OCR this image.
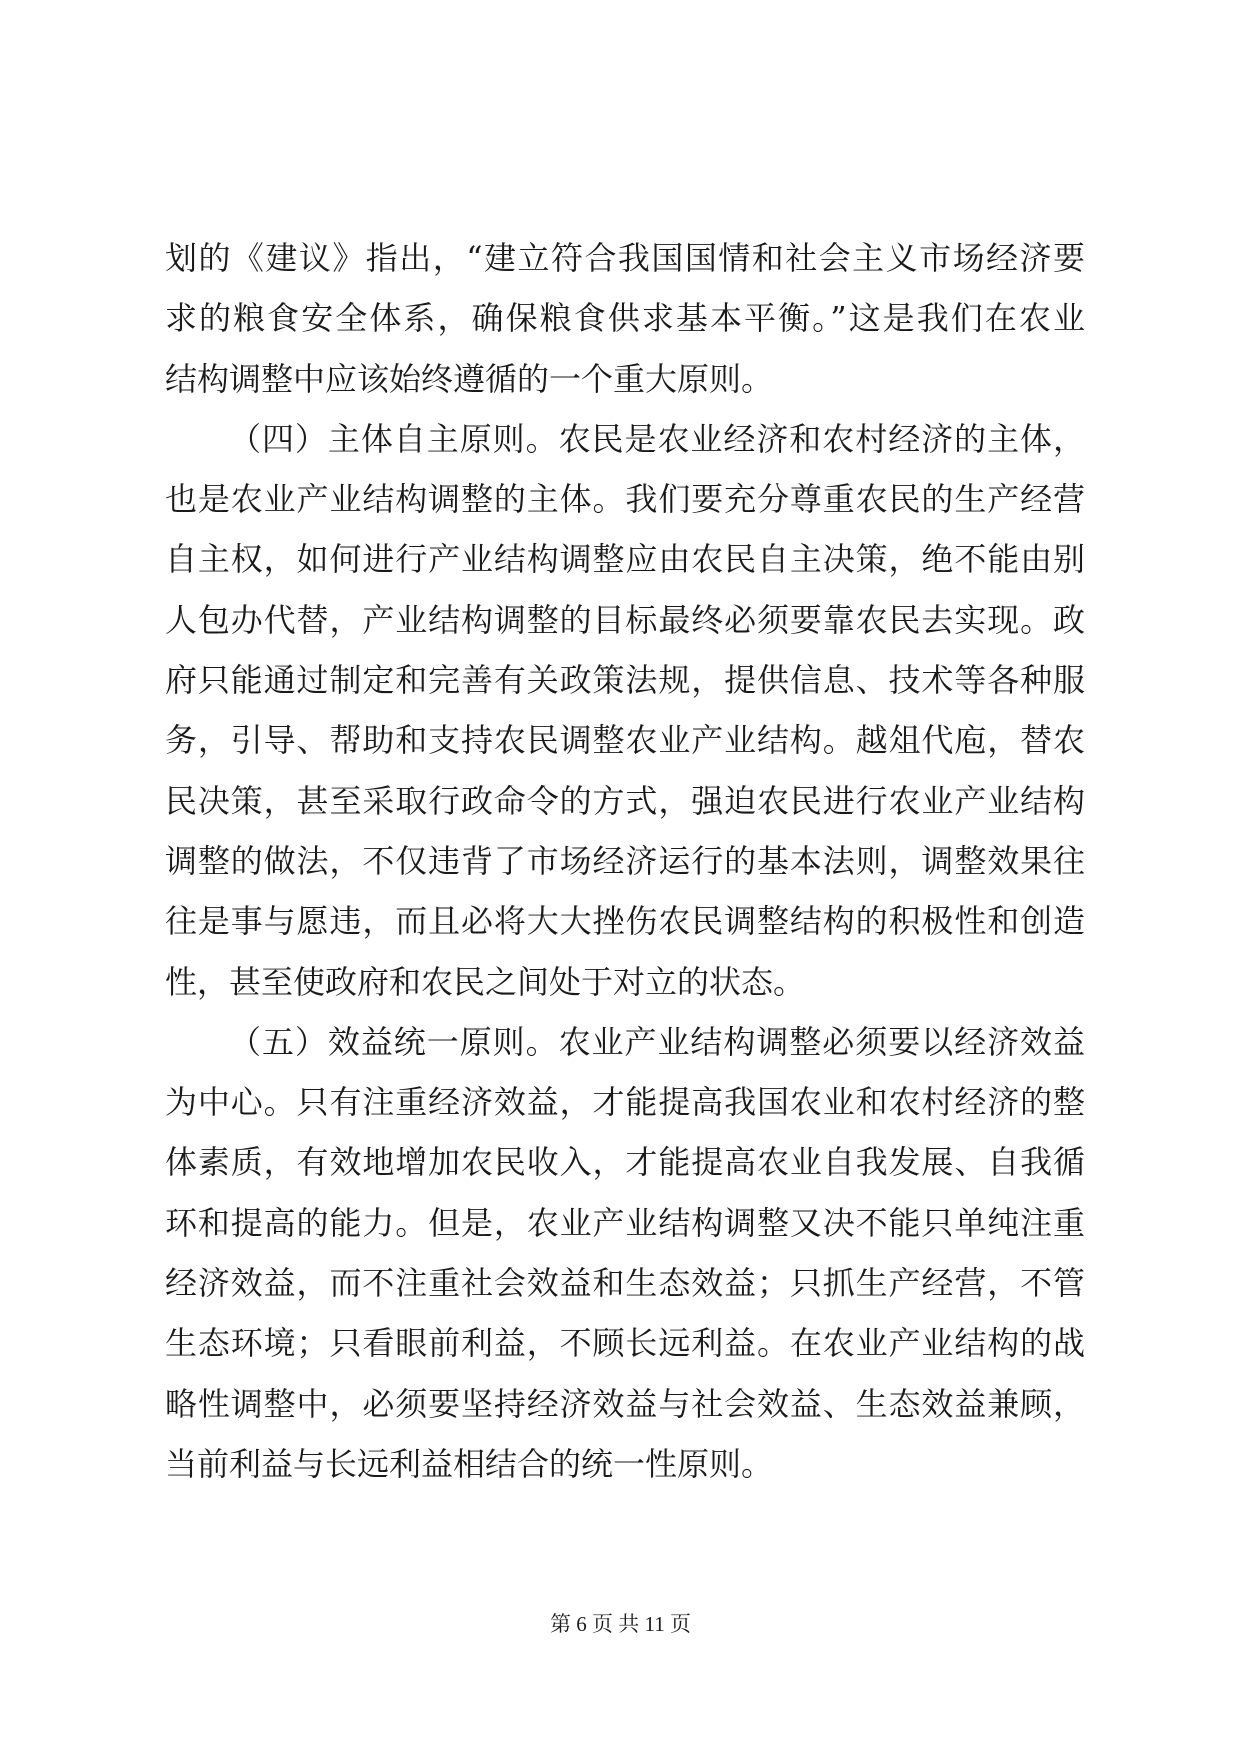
划的《建议》指出，“建立符合我国国情和社会主义市场经济要
求的粮食安全体系，确保粮食供求基本平衡。”这是我们在农业
结构调整中应该始终遵循的一个重大原则。
（四）主体自主原则。农民是农业经济和农村经济的主体，
也是农业产业结构调整的主体。我们要充分尊重农民的生产经营
自主权，如何进行产业结构调整应由农民自主决策，绝不能由别
人包办代替，产业结构调整的目标最终必须要靠农民去实现。政
府只能通过制定和完善有关政策法规，提供信息、技术等各种服
务，引导、帮助和支持农民调整农业产业结构。越俎代庖，替农
民决策，甚至采取行政命令的方式，强迫农民进行农业产业结构
调整的做法，不仅违背了市场经济运行的基本法则，调整效果往
往是事与愿违，而且必将大大挫伤农民调整结构的积极性和创造
性，甚至使政府和农民之间处于对立的状态。
（五）效益统一原则。农业产业结构调整必须要以经济效益
为中心。只有注重经济效益，才能提高我国农业和农村经济的整
体素质，有效地增加农民收入，才能提高农业自我发展、自我循
环和提高的能力。但是，农业产业结构调整又决不能只单纯注重
经济效益，而不注重社会效益和生态效益；只抓生产经营，不管
生态环境；只看眼前利益，不顾长远利益。在农业产业结构的战
略性调整中，必须要坚持经济效益与社会效益、生态效益兼顾，
当前利益与长远利益相结合的统一性原则。
第 6 页 共 11 页
